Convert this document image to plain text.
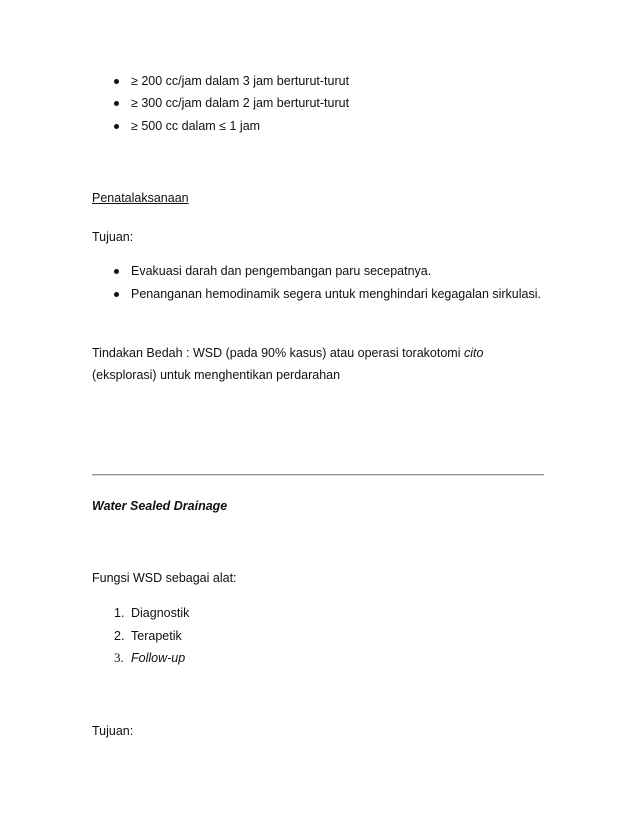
≥ 200 cc/jam dalam 3 jam berturut-turut
≥ 300 cc/jam dalam 2 jam berturut-turut
≥ 500 cc dalam ≤ 1 jam
Penatalaksanaan
Tujuan:
Evakuasi darah dan pengembangan paru secepatnya.
Penanganan hemodinamik segera untuk menghindari kegagalan sirkulasi.
Tindakan Bedah : WSD (pada 90% kasus) atau operasi torakotomi cito
(eksplorasi) untuk menghentikan perdarahan
Water Sealed Drainage
Fungsi WSD sebagai alat:
1. Diagnostik
2. Terapetik
3. Follow-up
Tujuan:
